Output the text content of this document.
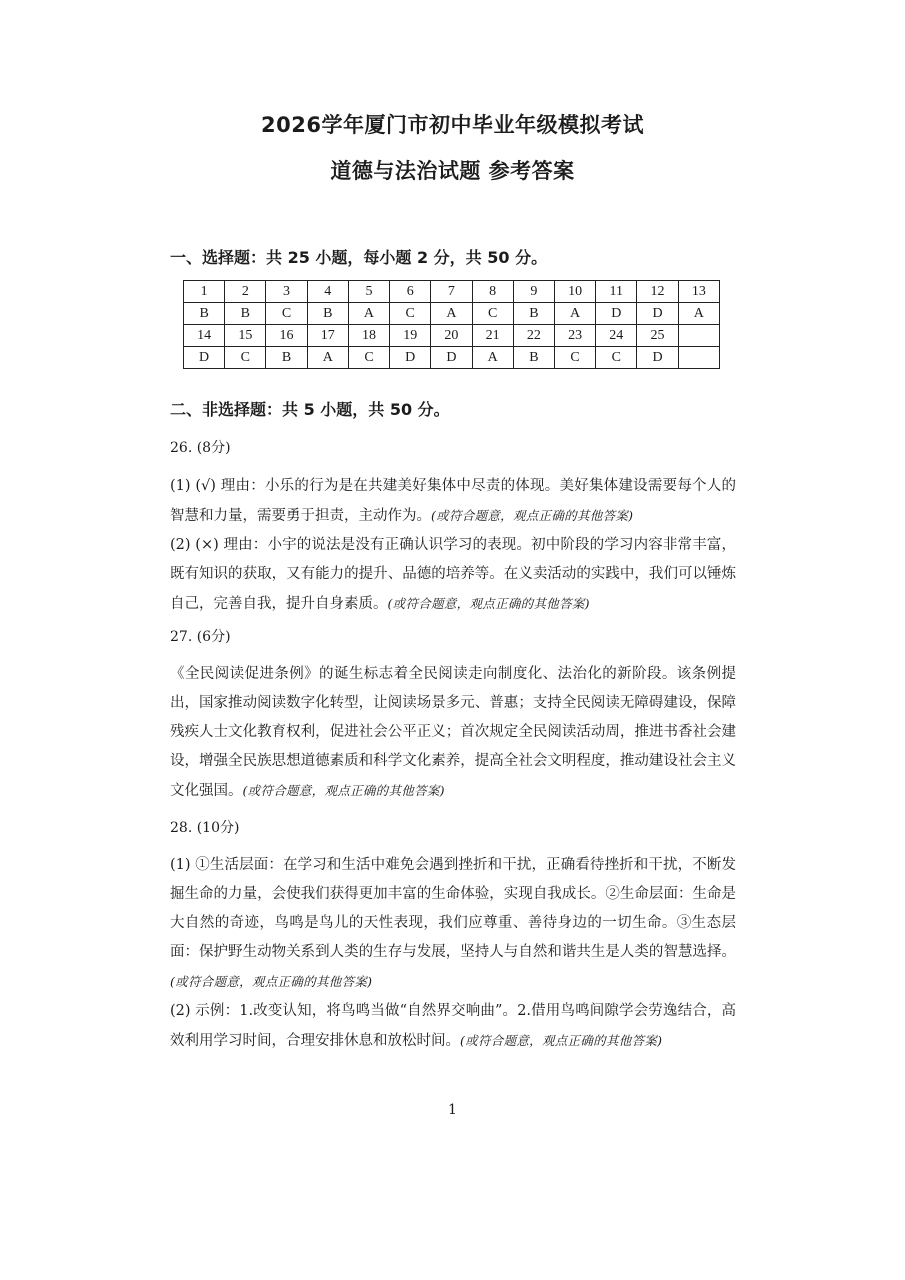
2026学年厦门市初中毕业年级模拟考试
道德与法治试题 参考答案
一、选择题：共 25 小题，每小题 2 分，共 50 分。
1	2	3	4	5	6	7	8	9	10	11	12	13
B	B	C	B	A	C	A	C	B	A	D	D	A
14	15	16	17	18	19	20	21	22	23	24	25	
D	C	B	A	C	D	D	A	B	C	C	D	
二、非选择题：共 5 小题，共 50 分。
26. (8分)

(1) (√) 理由：小乐的行为是在共建美好集体中尽责的体现。美好集体建设需要每个人的智慧和力量，需要勇于担责，主动作为。(或符合题意，观点正确的其他答案)

(2) (×) 理由：小宇的说法是没有正确认识学习的表现。初中阶段的学习内容非常丰富，既有知识的获取，又有能力的提升、品德的培养等。在义卖活动的实践中，我们可以锤炼自己，完善自我，提升自身素质。(或符合题意，观点正确的其他答案)

27. (6分)

《全民阅读促进条例》的诞生标志着全民阅读走向制度化、法治化的新阶段。该条例提出，国家推动阅读数字化转型，让阅读场景多元、普惠；支持全民阅读无障碍建设，保障残疾人士文化教育权利，促进社会公平正义；首次规定全民阅读活动周，推进书香社会建设，增强全民族思想道德素质和科学文化素养，提高全社会文明程度，推动建设社会主义文化强国。(或符合题意，观点正确的其他答案)

28. (10分)

(1) ①生活层面：在学习和生活中难免会遇到挫折和干扰，正确看待挫折和干扰，不断发掘生命的力量，会使我们获得更加丰富的生命体验，实现自我成长。②生命层面：生命是大自然的奇迹，鸟鸣是鸟儿的天性表现，我们应尊重、善待身边的一切生命。③生态层面：保护野生动物关系到人类的生存与发展，坚持人与自然和谐共生是人类的智慧选择。(或符合题意，观点正确的其他答案)

(2) 示例：1.改变认知，将鸟鸣当做“自然界交响曲”。2.借用鸟鸣间隙学会劳逸结合，高效利用学习时间，合理安排休息和放松时间。(或符合题意，观点正确的其他答案)

1
